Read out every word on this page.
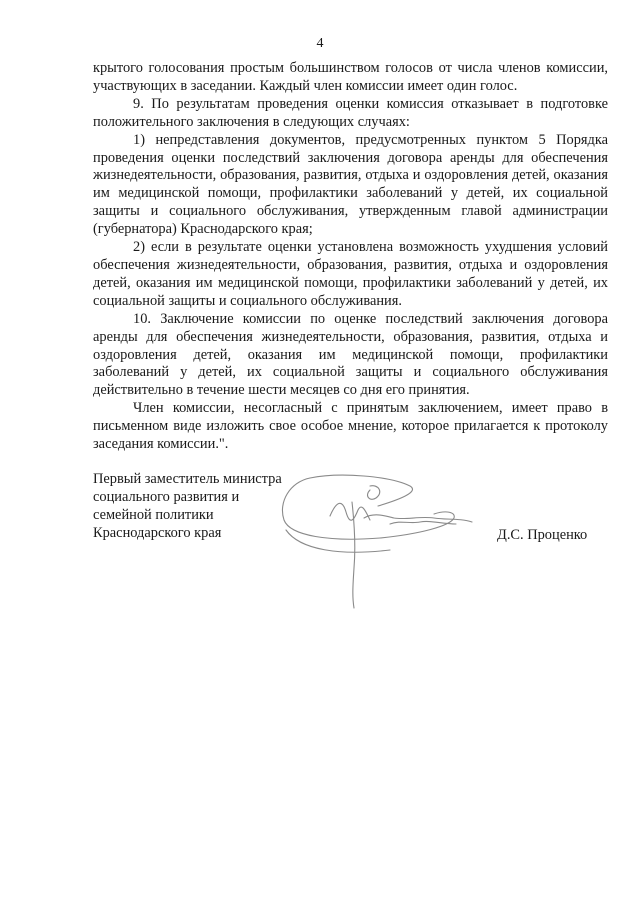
4

крытого голосования простым большинством голосов от числа членов комиссии, участвующих в заседании. Каждый член комиссии имеет один голос.

9. По результатам проведения оценки комиссия отказывает в подготовке положительного заключения в следующих случаях:

1) непредставления документов, предусмотренных пунктом 5 Порядка проведения оценки последствий заключения договора аренды для обеспечения жизнедеятельности, образования, развития, отдыха и оздоровления детей, оказания им медицинской помощи, профилактики заболеваний у детей, их социальной защиты и социального обслуживания, утвержденным главой администрации (губернатора) Краснодарского края;

2) если в результате оценки установлена возможность ухудшения условий обеспечения жизнедеятельности, образования, развития, отдыха и оздоровления детей, оказания им медицинской помощи, профилактики заболеваний у детей, их социальной защиты и социального обслуживания.

10. Заключение комиссии по оценке последствий заключения договора аренды для обеспечения жизнедеятельности, образования, развития, отдыха и оздоровления детей, оказания им медицинской помощи, профилактики заболеваний у детей, их социальной защиты и социального обслуживания действительно в течение шести месяцев со дня его принятия.

Член комиссии, несогласный с принятым заключением, имеет право в письменном виде изложить свое особое мнение, которое прилагается к протоколу заседания комиссии.".

Первый заместитель министра
социального развития и
семейной политики
Краснодарского края	Д.С. Проценко
